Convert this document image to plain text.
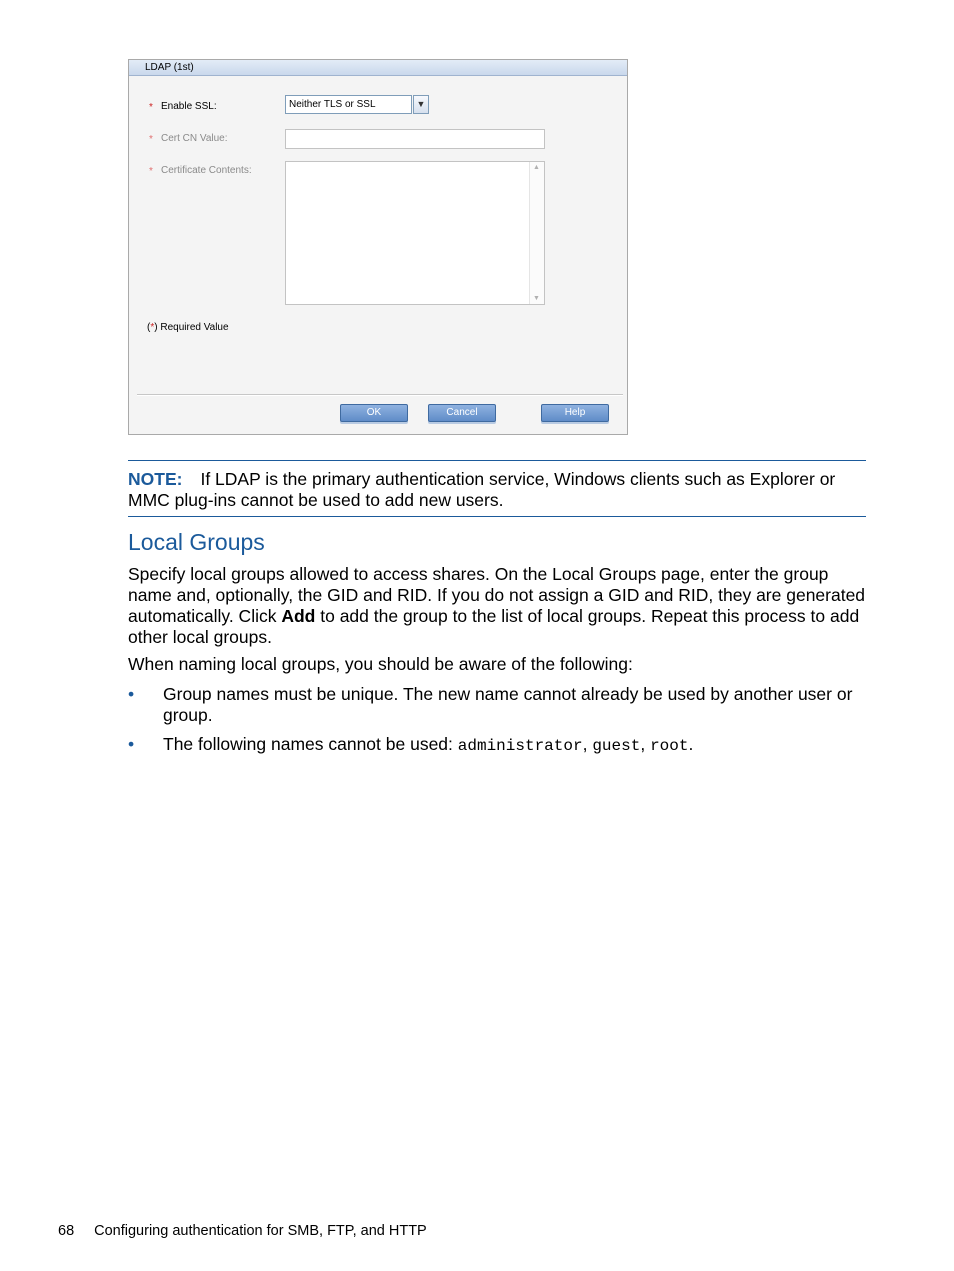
LDAP (1st)
* Enable SSL:	Neither TLS or SSL	▼
* Cert CN Value:
* Certificate Contents:	▲
▼
(*) Required Value
OK	Cancel	Help
NOTE: If LDAP is the primary authentication service, Windows clients such as Explorer or MMC plug-ins cannot be used to add new users.
Local Groups

Specify local groups allowed to access shares. On the Local Groups page, enter the group name and, optionally, the GID and RID. If you do not assign a GID and RID, they are generated automatically. Click Add to add the group to the list of local groups. Repeat this process to add other local groups.

When naming local groups, you should be aware of the following:

• Group names must be unique. The new name cannot already be used by another user or group.
• The following names cannot be used: administrator, guest, root.
68 Configuring authentication for SMB, FTP, and HTTP
